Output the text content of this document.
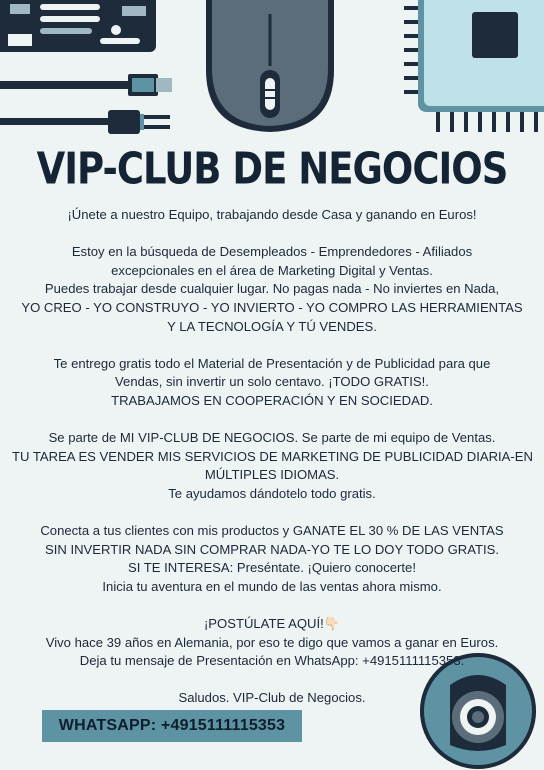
VIP-CLUB DE NEGOCIOS
¡Únete a nuestro Equipo, trabajando desde Casa y ganando en Euros!
Estoy en la búsqueda de Desempleados - Emprendedores - Afiliados
excepcionales en el área de Marketing Digital y Ventas.
Puedes trabajar desde cualquier lugar. No pagas nada - No inviertes en Nada,
YO CREO - YO CONSTRUYO - YO INVIERTO - YO COMPRO LAS HERRAMIENTAS
Y LA TECNOLOGÍA Y TÚ VENDES.
Te entrego gratis todo el Material de Presentación y de Publicidad para que
Vendas, sin invertir un solo centavo. ¡TODO GRATIS!.
TRABAJAMOS EN COOPERACIÓN Y EN SOCIEDAD.
Se parte de MI VIP-CLUB DE NEGOCIOS. Se parte de mi equipo de Ventas.
TU TAREA ES VENDER MIS SERVICIOS DE MARKETING DE PUBLICIDAD DIARIA-EN
MÚLTIPLES IDIOMAS.
Te ayudamos dándotelo todo gratis.
Conecta a tus clientes con mis productos y GANATE EL 30 % DE LAS VENTAS
SIN INVERTIR NADA SIN COMPRAR NADA-YO TE LO DOY TODO GRATIS.
SI TE INTERESA: Preséntate. ¡Quiero conocerte!
Inicia tu aventura en el mundo de las ventas ahora mismo.
¡POSTÚLATE AQUÍ!👇🏻
Vivo hace 39 años en Alemania, por eso te digo que vamos a ganar en Euros.
Deja tu mensaje de Presentación en WhatsApp: +4915111115353.
Saludos. VIP-Club de Negocios.
WHATSAPP: +4915111115353
